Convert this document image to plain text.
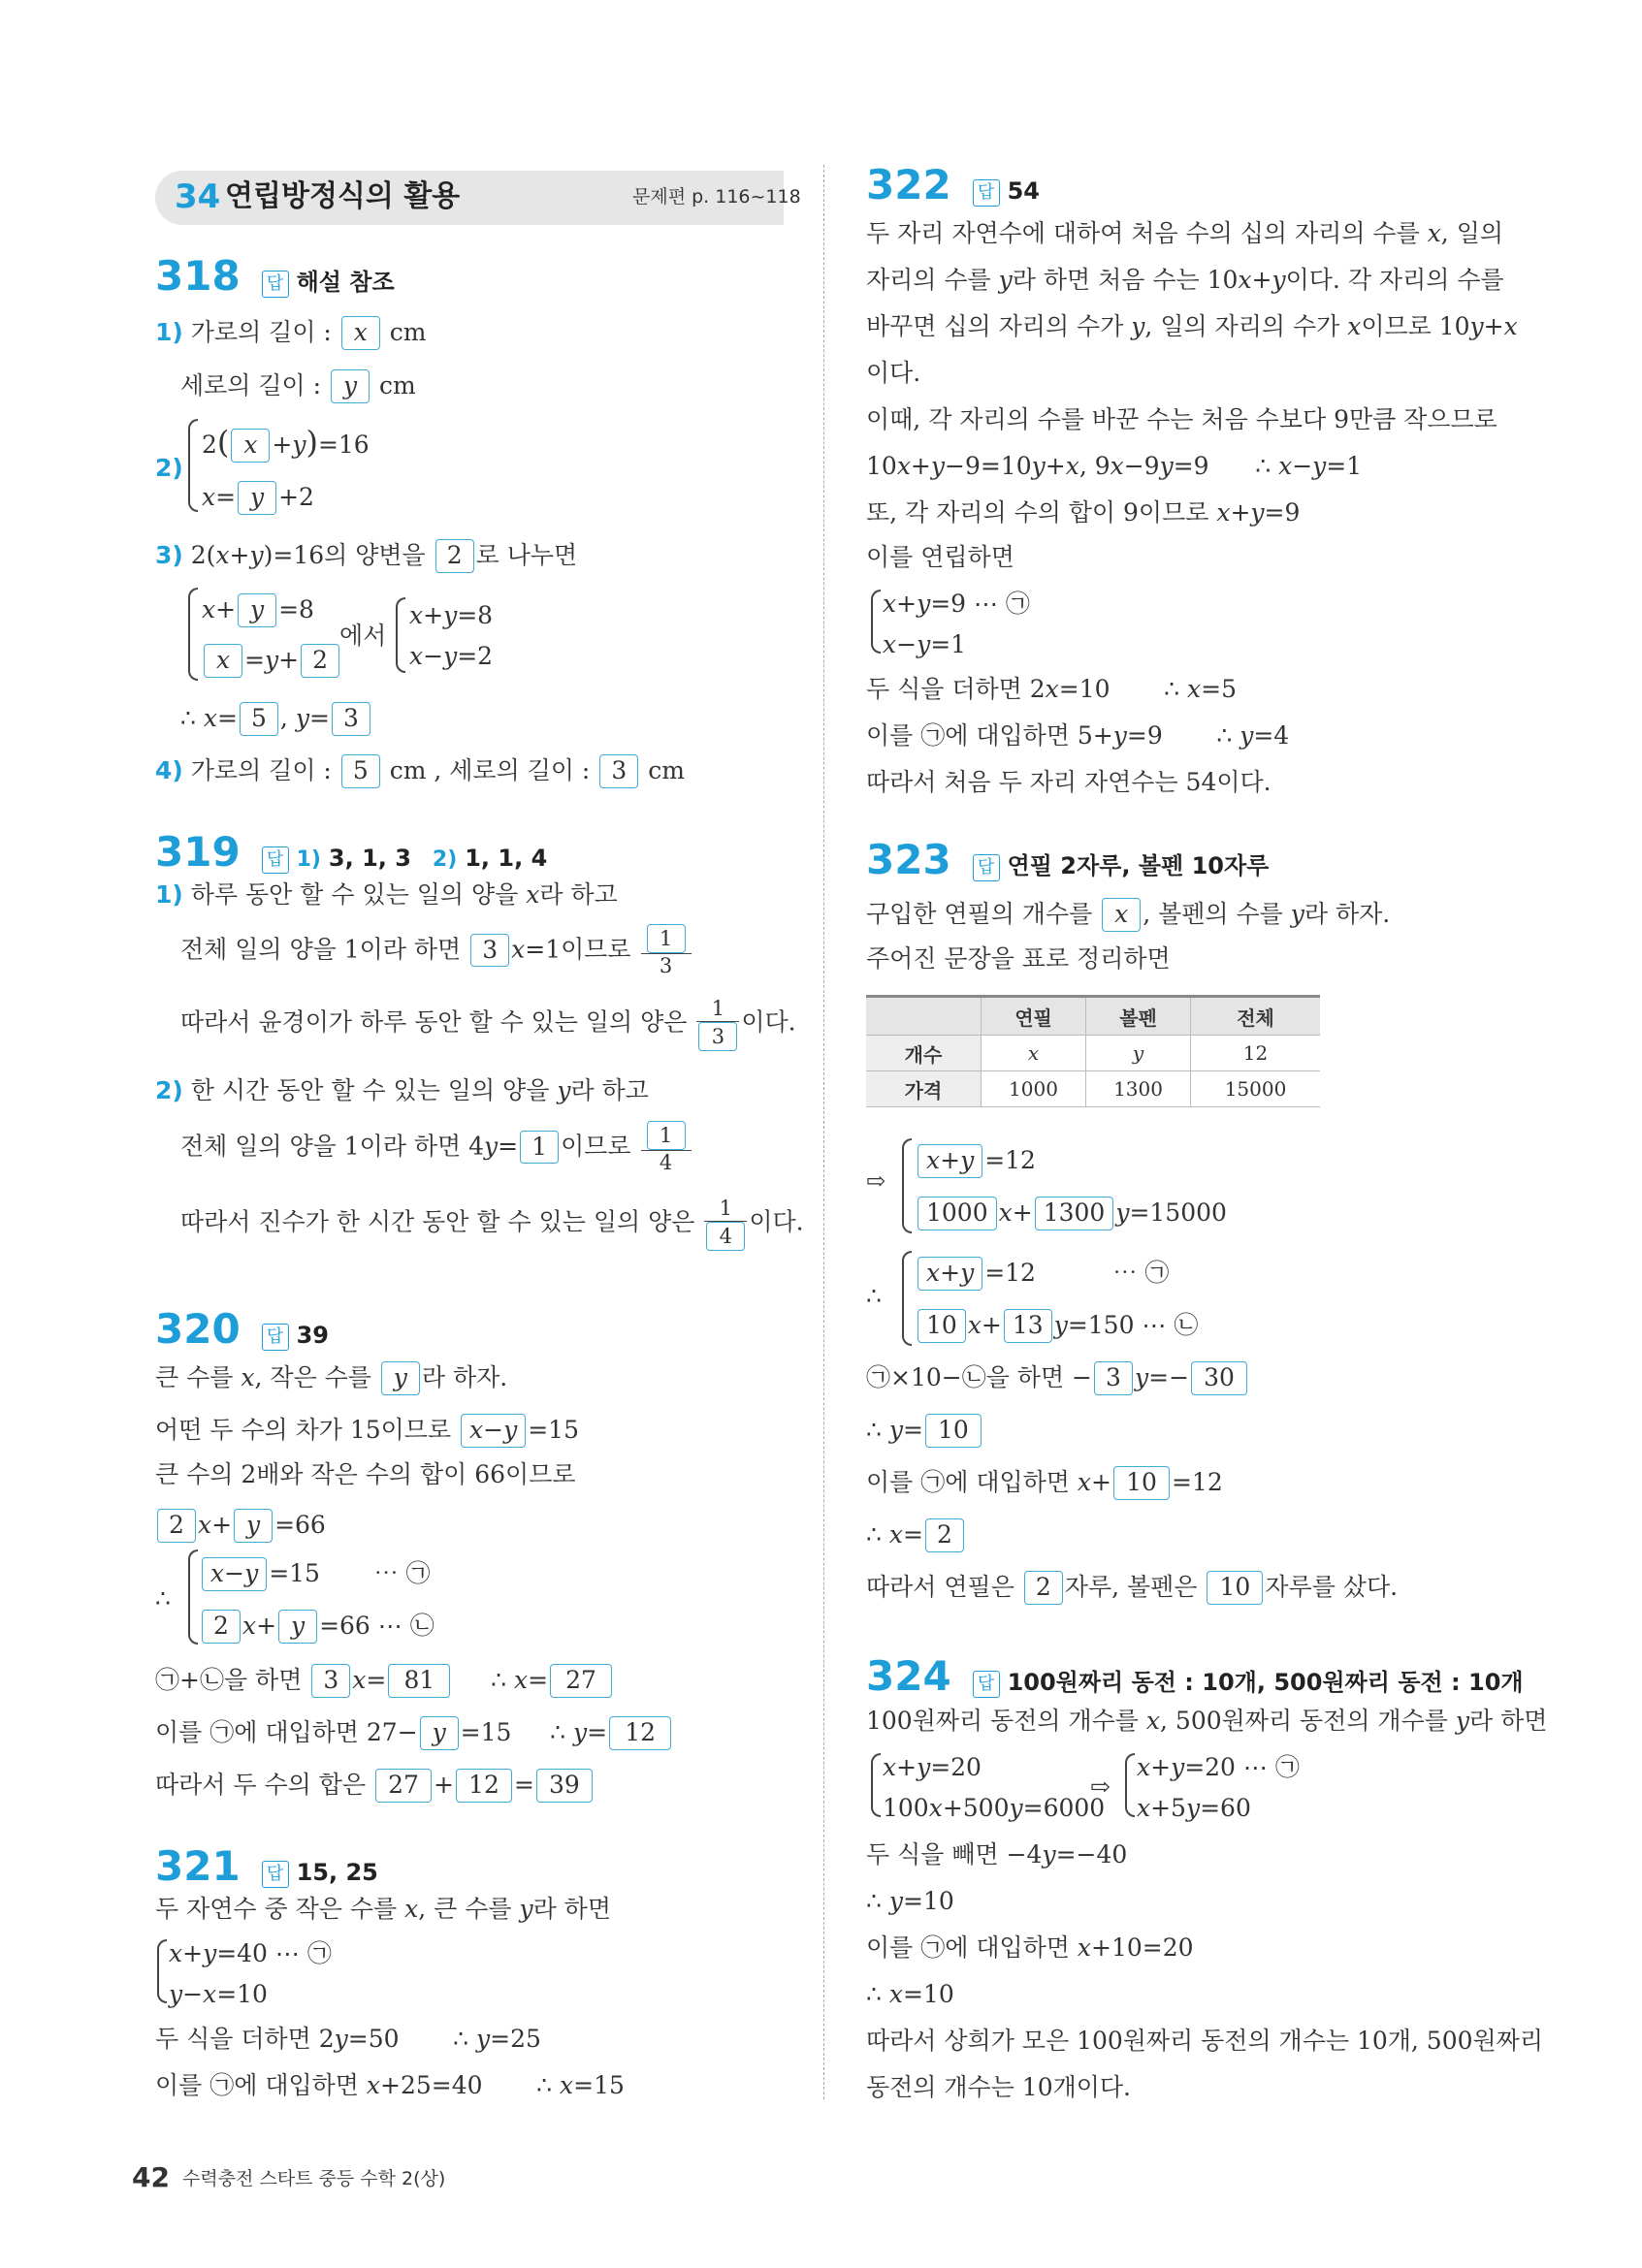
34 연립방정식의 활용	문제편 p. 116~118
318 답 해설 참조
1) 가로의 길이 : x cm
세로의 길이 : y cm
2)
2( x +y)=16
x= y +2
3) 2(x+y)=16의 양변을 2 로 나누면
x+ y =8
x =y+ 2
에서
x+y=8
x−y=2
∴ x= 5 , y= 3
4) 가로의 길이 : 5 cm , 세로의 길이 : 3 cm
319 답 1) 3, 1, 3 2) 1, 1, 4
1) 하루 동안 할 수 있는 일의 양을 x라 하고
전체 일의 양을 1이라 하면 3 x=1이므로 $\frac{1}{3}$
따라서 윤경이가 하루 동안 할 수 있는 일의 양은 $\frac{1}{3}$ 이다.
2) 한 시간 동안 할 수 있는 일의 양을 y라 하고
전체 일의 양을 1이라 하면 4y= 1 이므로 $\frac{1}{4}$
따라서 진수가 한 시간 동안 할 수 있는 일의 양은 $\frac{1}{4}$ 이다.
320 답 39
큰 수를 x, 작은 수를 y 라 하자.
어떤 두 수의 차가 15이므로 x−y =15
큰 수의 2배와 작은 수의 합이 66이므로
2 x+ y =66
∴
x−y =15       ⋯ ㉠
2 x+ y =66 ⋯ ㉡
㉠+㉡을 하면 3 x= 81     ∴ x= 27
이를 ㉠에 대입하면 27− y =15     ∴ y= 12
따라서 두 수의 합은 27 + 12 = 39
321 답 15, 25
두 자연수 중 작은 수를 x, 큰 수를 y라 하면
x+y=40 ⋯ ㉠
y−x=10
두 식을 더하면 2y=50       ∴ y=25
이를 ㉠에 대입하면 x+25=40       ∴ x=15
322 답 54
두 자리 자연수에 대하여 처음 수의 십의 자리의 수를 x, 일의
자리의 수를 y라 하면 처음 수는 10x+y이다. 각 자리의 수를
바꾸면 십의 자리의 수가 y, 일의 자리의 수가 x이므로 10y+x
이다.
이때, 각 자리의 수를 바꾼 수는 처음 수보다 9만큼 작으므로
10x+y−9=10y+x, 9x−9y=9      ∴ x−y=1
또, 각 자리의 수의 합이 9이므로 x+y=9
이를 연립하면
x+y=9 ⋯ ㉠
x−y=1
두 식을 더하면 2x=10       ∴ x=5
이를 ㉠에 대입하면 5+y=9       ∴ y=4
따라서 처음 두 자리 자연수는 54이다.
323 답 연필 2자루, 볼펜 10자루
구입한 연필의 개수를 x , 볼펜의 수를 y라 하자.
주어진 문장을 표로 정리하면
	연필	볼펜	전체
개수	x	y	12
가격	1000	1300	15000
⇨
x+y =12
1000 x+ 1300 y=15000
∴
x+y =12          ⋯ ㉠
10 x+ 13 y=150 ⋯ ㉡
㉠×10−㉡을 하면 − 3 y=− 30
∴ y= 10
이를 ㉠에 대입하면 x+ 10 =12
∴ x= 2
따라서 연필은 2 자루, 볼펜은 10 자루를 샀다.
324 답 100원짜리 동전 : 10개, 500원짜리 동전 : 10개
100원짜리 동전의 개수를 x, 500원짜리 동전의 개수를 y라 하면
x+y=20
100x+500y=6000
⇨
x+y=20 ⋯ ㉠
x+5y=60
두 식을 빼면 −4y=−40
∴ y=10
이를 ㉠에 대입하면 x+10=20
∴ x=10
따라서 상희가 모은 100원짜리 동전의 개수는 10개, 500원짜리
동전의 개수는 10개이다.
42 수력충전 스타트 중등 수학 2(상)
